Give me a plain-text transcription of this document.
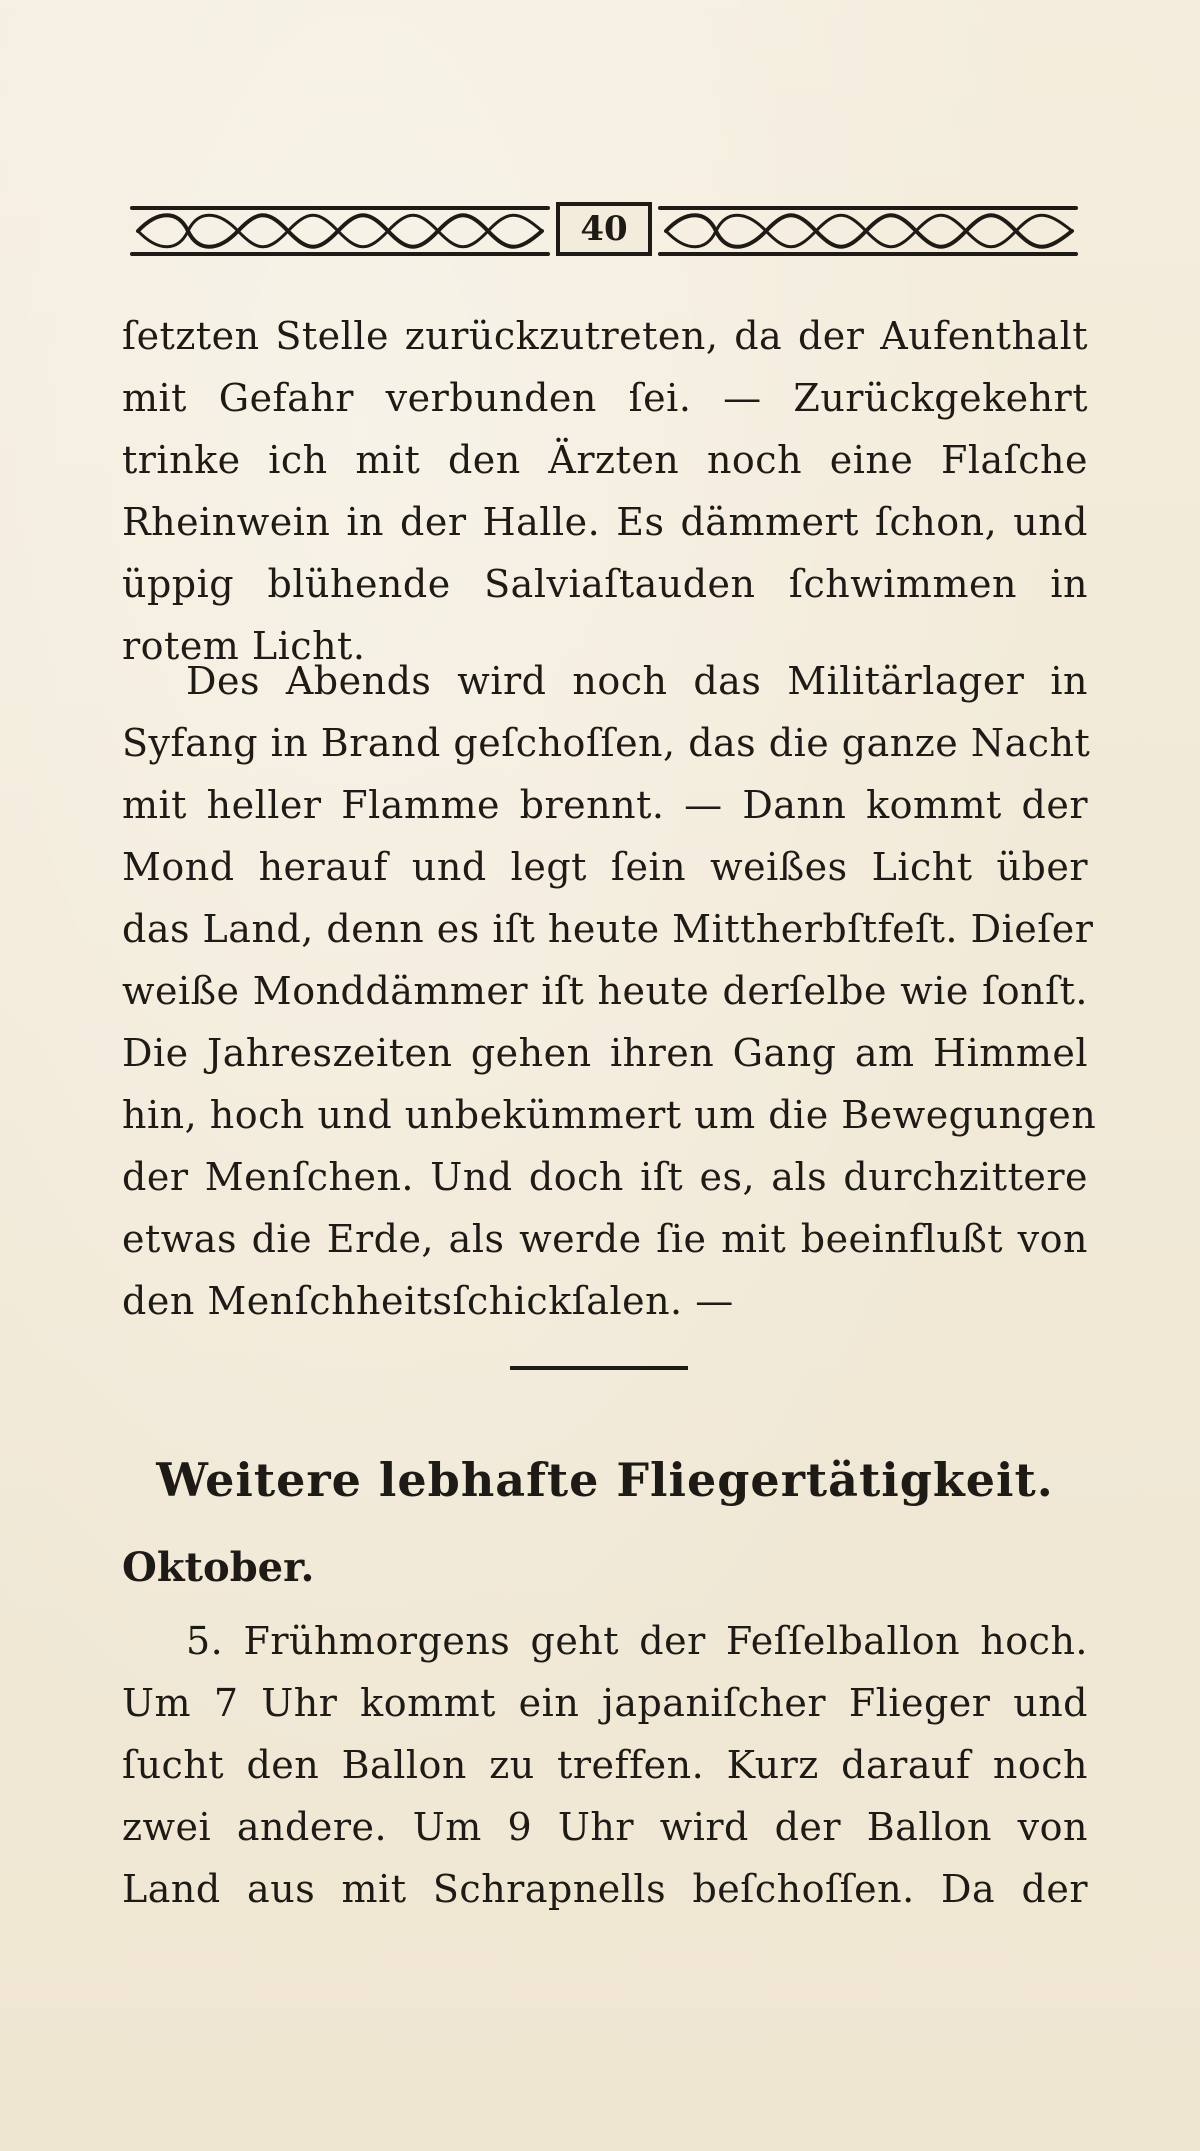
40
ſetzten Stelle zurückzutreten, da der Aufenthalt
mit Gefahr verbunden ſei. — Zurückgekehrt
trinke ich mit den Ärzten noch eine Flaſche
Rheinwein in der Halle. Es dämmert ſchon, und
üppig blühende Salviaſtauden ſchwimmen in
rotem Licht.
Des Abends wird noch das Militärlager in
Syfang in Brand geſchoſſen, das die ganze Nacht
mit heller Flamme brennt. — Dann kommt der
Mond herauf und legt ſein weißes Licht über
das Land, denn es iſt heute Mittherbſtfeſt. Dieſer
weiße Monddämmer iſt heute derſelbe wie ſonſt.
Die Jahreszeiten gehen ihren Gang am Himmel
hin, hoch und unbekümmert um die Bewegungen
der Menſchen. Und doch iſt es, als durchzittere
etwas die Erde, als werde ſie mit beeinflußt von
den Menſchheitsſchickſalen. —
Weitere lebhafte Fliegertätigkeit.
Oktober.
5. Frühmorgens geht der Feſſelballon hoch.
Um 7 Uhr kommt ein japaniſcher Flieger und
ſucht den Ballon zu treffen. Kurz darauf noch
zwei andere. Um 9 Uhr wird der Ballon von
Land aus mit Schrapnells beſchoſſen. Da der
